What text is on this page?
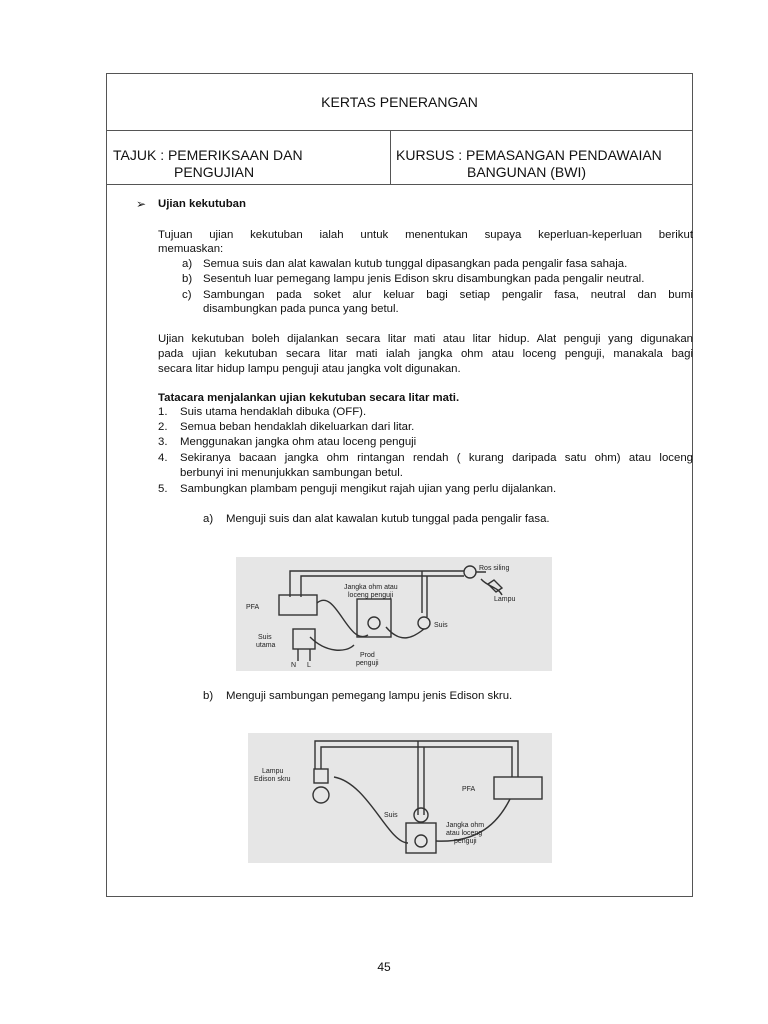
KERTAS PENERANGAN
TAJUK : PEMERIKSAAN DAN
PENGUJIAN
KURSUS : PEMASANGAN PENDAWAIAN
BANGUNAN (BWI)
➢ Ujian kekutuban
Tujuan ujian kekutuban ialah untuk menentukan supaya keperluan-keperluan berikut
memuaskan:
a) Semua suis dan alat kawalan kutub tunggal dipasangkan pada pengalir fasa sahaja.
b) Sesentuh luar pemegang lampu jenis Edison skru disambungkan pada pengalir neutral.
c) Sambungan pada soket alur keluar bagi setiap pengalir fasa, neutral dan bumi
disambungkan pada punca yang betul.
Ujian kekutuban boleh dijalankan secara litar mati atau litar hidup. Alat penguji yang digunakan
pada ujian kekutuban secara litar mati ialah jangka ohm atau loceng penguji, manakala bagi
secara litar hidup lampu penguji atau jangka volt digunakan.
Tatacara menjalankan ujian kekutuban secara litar mati.
1. Suis utama hendaklah dibuka (OFF).
2. Semua beban hendaklah dikeluarkan dari litar.
3. Menggunakan jangka ohm atau loceng penguji
4. Sekiranya bacaan jangka ohm rintangan rendah ( kurang daripada satu ohm) atau loceng
berbunyi ini menunjukkan sambungan betul.
5. Sambungkan plambam penguji mengikut rajah ujian yang perlu dijalankan.
a) Menguji suis dan alat kawalan kutub tunggal pada pengalir fasa.
Ros siling
Lampu
Jangka ohm atau
loceng penguji
PFA
Suis
Suis
utama
N L
Prod
penguji
b) Menguji sambungan pemegang lampu jenis Edison skru.
Lampu
Edison skru
PFA
Suis
Jangka ohm
atau loceng
penguji
45
